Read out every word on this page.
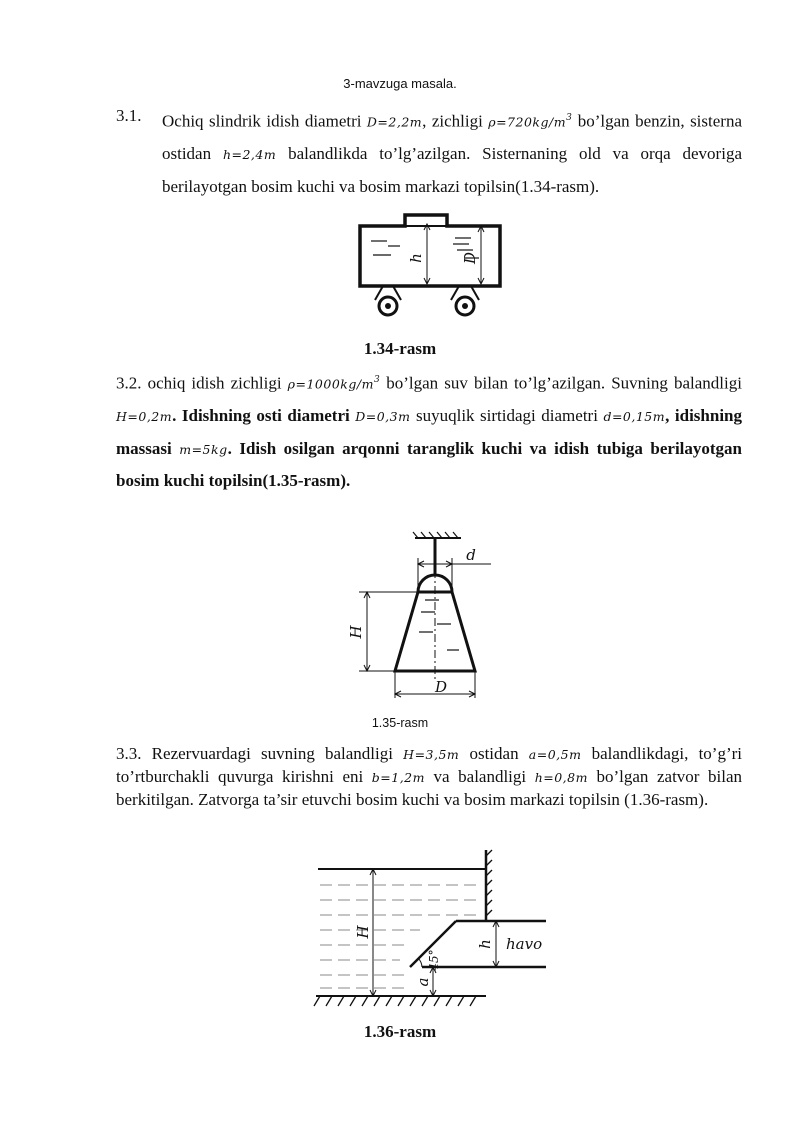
3-mavzuga masala.
3.1. Ochiq slindrik idish diametri D=2,2m, zichligi $\rho=720kg/m^3$ bo’lgan benzin, sisterna ostidan h=2,4m balandlikda to’lg’azilgan. Sisternaning old va orqa devoriga berilayotgan bosim kuchi va bosim markazi topilsin(1.34-rasm).

h D
1.34-rasm

3.2. ochiq idish zichligi $\rho=1000kg/m^3$ bo’lgan suv bilan to’lg’azilgan. Suvning balandligi H=0,2m. Idishning osti diametri D=0,3m suyuqlik sirtidagi diametri d=0,15m, idishning massasi m=5kg. Idish osilgan arqonni taranglik kuchi va idish tubiga berilayotgan bosim kuchi topilsin(1.35-rasm).

d
H
D
1.35-rasm

3.3. Rezervuardagi suvning balandligi H=3,5m ostidan a=0,5m balandlikdagi, to’g’ri to’rtburchakli quvurga kirishni eni b=1,2m va balandligi h=0,8m bo’lgan zatvor bilan berkitilgan. Zatvorga ta’sir etuvchi bosim kuchi va bosim markazi topilsin (1.36-rasm).

H
a
h
45°
havo
1.36-rasm
